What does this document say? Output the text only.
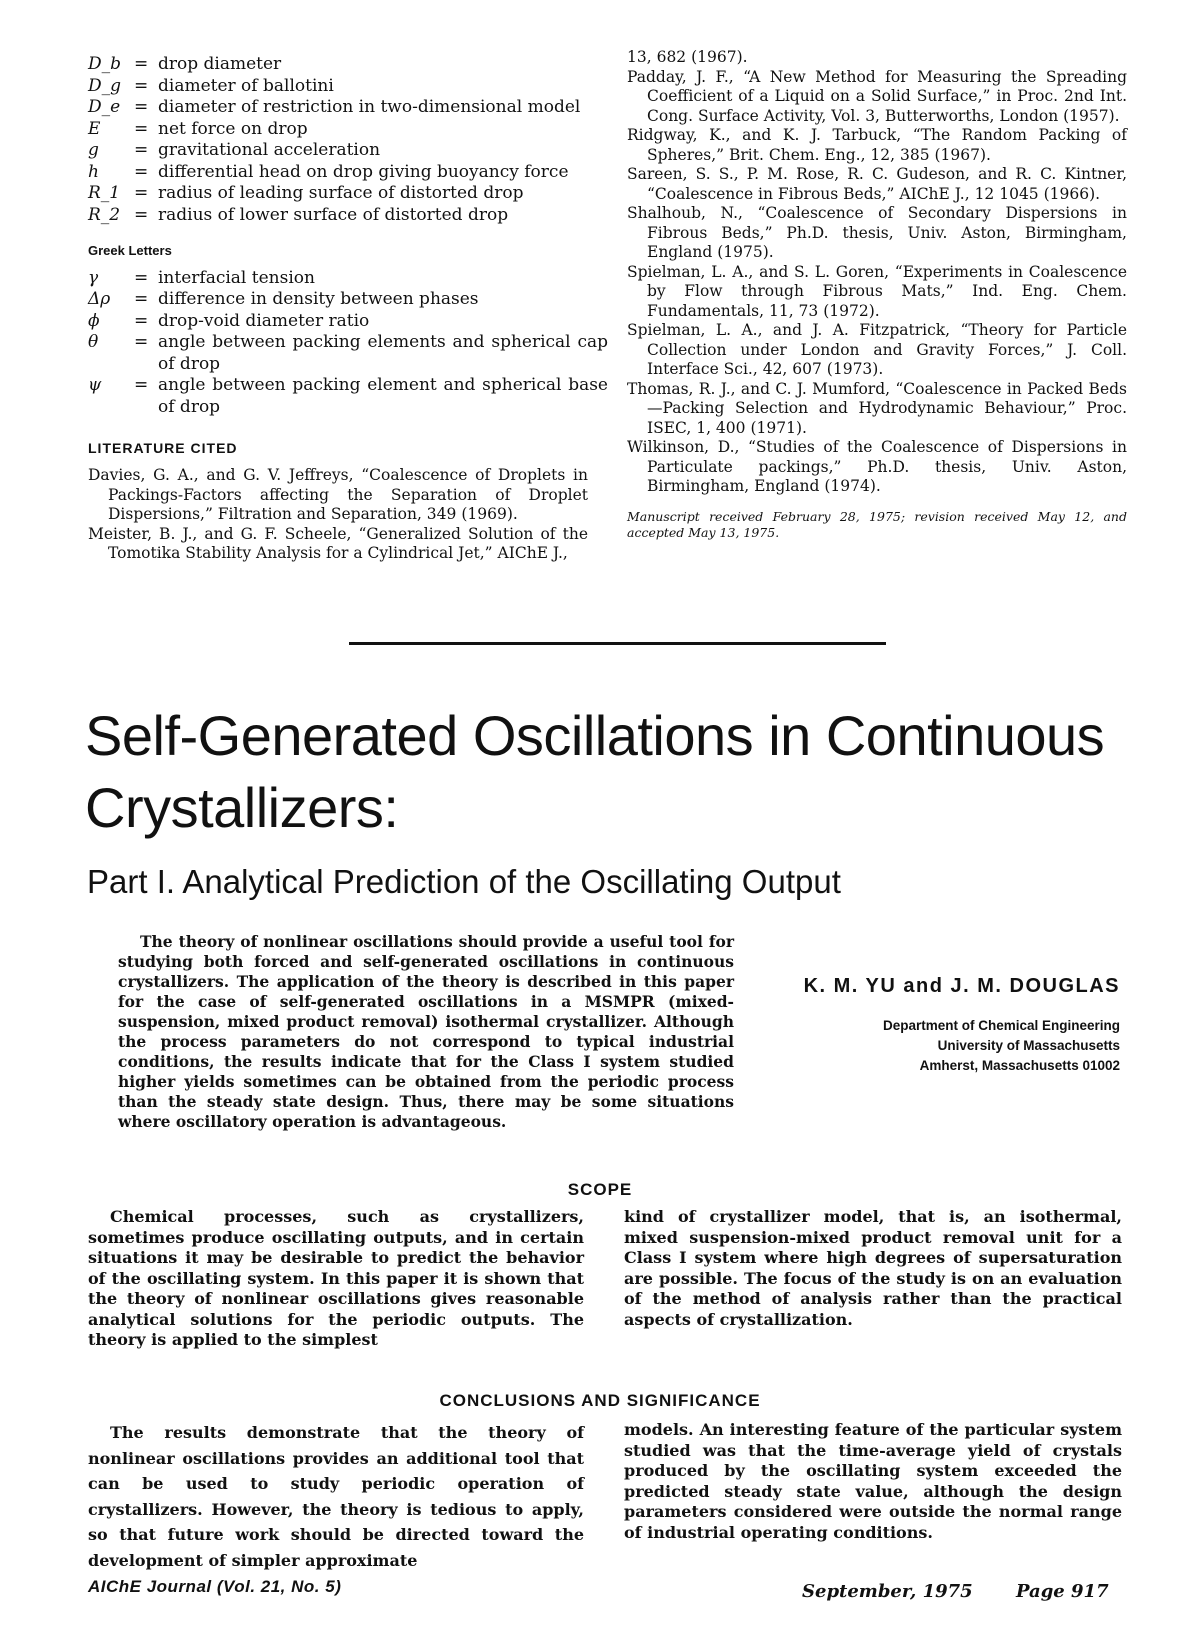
D_b = drop diameter
D_g = diameter of ballotini
D_e = diameter of restriction in two-dimensional model
E	= net force on drop
g	= gravitational acceleration
h	= differential head on drop giving buoyancy force
R_1 = radius of leading surface of distorted drop
R_2 = radius of lower surface of distorted drop
Greek Letters
γ	= interfacial tension
Δρ	= difference in density between phases
ϕ	= drop-void diameter ratio
θ	= angle between packing elements and spherical cap of drop
ψ	= angle between packing element and spherical base of drop
LITERATURE CITED
Davies, G. A., and G. V. Jeffreys, “Coalescence of Droplets in Packings-Factors affecting the Separation of Droplet Dispersions,” Filtration and Separation, 349 (1969).
Meister, B. J., and G. F. Scheele, “Generalized Solution of the Tomotika Stability Analysis for a Cylindrical Jet,” AIChE J.,
13, 682 (1967).
Padday, J. F., “A New Method for Measuring the Spreading Coefficient of a Liquid on a Solid Surface,” in Proc. 2nd Int. Cong. Surface Activity, Vol. 3, Butterworths, London (1957).
Ridgway, K., and K. J. Tarbuck, “The Random Packing of Spheres,” Brit. Chem. Eng., 12, 385 (1967).
Sareen, S. S., P. M. Rose, R. C. Gudeson, and R. C. Kintner, “Coalescence in Fibrous Beds,” AIChE J., 12 1045 (1966).
Shalhoub, N., “Coalescence of Secondary Dispersions in Fibrous Beds,” Ph.D. thesis, Univ. Aston, Birmingham, England (1975).
Spielman, L. A., and S. L. Goren, “Experiments in Coalescence by Flow through Fibrous Mats,” Ind. Eng. Chem. Fundamentals, 11, 73 (1972).
Spielman, L. A., and J. A. Fitzpatrick, “Theory for Particle Collection under London and Gravity Forces,” J. Coll. Interface Sci., 42, 607 (1973).
Thomas, R. J., and C. J. Mumford, “Coalescence in Packed Beds—Packing Selection and Hydrodynamic Behaviour,” Proc. ISEC, 1, 400 (1971).
Wilkinson, D., “Studies of the Coalescence of Dispersions in Particulate packings,” Ph.D. thesis, Univ. Aston, Birmingham, England (1974).
Manuscript received February 28, 1975; revision received May 12, and accepted May 13, 1975.
Self-Generated Oscillations in Continuous Crystallizers:
Part I. Analytical Prediction of the Oscillating Output
The theory of nonlinear oscillations should provide a useful tool for studying both forced and self-generated oscillations in continuous crystallizers. The application of the theory is described in this paper for the case of self-generated oscillations in a MSMPR (mixed-suspension, mixed product removal) isothermal crystallizer. Although the process parameters do not correspond to typical industrial conditions, the results indicate that for the Class I system studied higher yields sometimes can be obtained from the periodic process than the steady state design. Thus, there may be some situations where oscillatory operation is advantageous.
K. M. YU and J. M. DOUGLAS
Department of Chemical Engineering
University of Massachusetts
Amherst, Massachusetts 01002
SCOPE
Chemical processes, such as crystallizers, sometimes produce oscillating outputs, and in certain situations it may be desirable to predict the behavior of the oscillating system. In this paper it is shown that the theory of nonlinear oscillations gives reasonable analytical solutions for the periodic outputs. The theory is applied to the simplest
kind of crystallizer model, that is, an isothermal, mixed suspension-mixed product removal unit for a Class I system where high degrees of supersaturation are possible. The focus of the study is on an evaluation of the method of analysis rather than the practical aspects of crystallization.
CONCLUSIONS AND SIGNIFICANCE
The results demonstrate that the theory of nonlinear oscillations provides an additional tool that can be used to study periodic operation of crystallizers. However, the theory is tedious to apply, so that future work should be directed toward the development of simpler approximate
models. An interesting feature of the particular system studied was that the time-average yield of crystals produced by the oscillating system exceeded the predicted steady state value, although the design parameters considered were outside the normal range of industrial operating conditions.
AIChE Journal (Vol. 21, No. 5)	September, 1975 Page 917
